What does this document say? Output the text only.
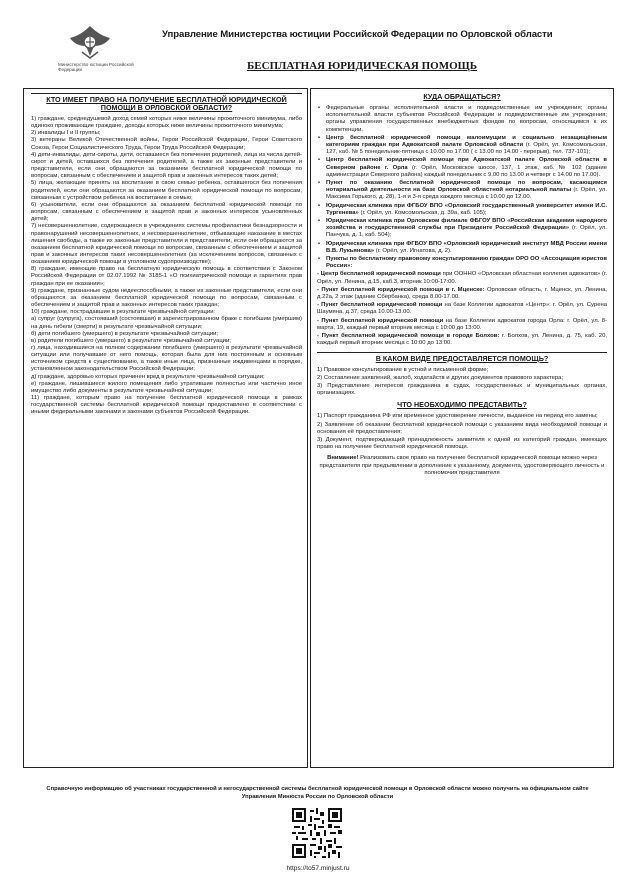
Министерство юстиции Российской Федерации
Управление Министерства юстиции Российской Федерации по Орловской области
БЕСПЛАТНАЯ ЮРИДИЧЕСКАЯ ПОМОЩЬ
КТО ИМЕЕТ ПРАВО НА ПОЛУЧЕНИЕ БЕСПЛАТНОЙ ЮРИДИЧЕСКОЙ ПОМОЩИ В ОРЛОВСКОЙ ОБЛАСТИ?

1) граждане, среднедушевой доход семей которых ниже величины прожиточного минимума, либо одиноко проживающие граждане, доходы которых ниже величины прожиточного минимума;

2) инвалиды I и II группы;

3) ветераны Великой Отечественной войны, Герои Российской Федерации, Герои Советского Союза, Герои Социалистического Труда, Герои Труда Российской Федерации;

4) дети-инвалиды, дети-сироты, дети, оставшиеся без попечения родителей, лица из числа детей-сирот и детей, оставшихся без попечения родителей, а также их законные представители и представители, если они обращаются за оказанием бесплатной юридической помощи по вопросам, связанным с обеспечением и защитой прав и законных интересов таких детей;

5) лица, желающие принять на воспитание в свою семью ребенка, оставшегося без попечения родителей, если они обращаются за оказанием бесплатной юридической помощи по вопросам, связанным с устройством ребенка на воспитание в семью;

6) усыновители, если они обращаются за оказанием бесплатной юридической помощи по вопросам, связанным с обеспечением и защитой прав и законных интересов усыновленных детей;

7) несовершеннолетние, содержащиеся в учреждениях системы профилактики безнадзорности и правонарушений несовершеннолетних, и несовершеннолетние, отбывающие наказание в местах лишения свободы, а также их законные представители и представители, если они обращаются за оказанием бесплатной юридической помощи по вопросам, связанным с обеспечением и защитой прав и законных интересов таких несовершеннолетних (за исключением вопросов, связанных с оказанием юридической помощи в уголовном судопроизводстве);

8) граждане, имеющие право на бесплатную юридическую помощь в соответствии с Законом Российской Федерации от 02.07.1992 № 3185-1 «О психиатрической помощи и гарантиях прав граждан при ее оказании»;

9) граждане, признанные судом недееспособными, а также их законные представители, если они обращаются за оказанием бесплатной юридической помощи по вопросам, связанным с обеспечением и защитой прав и законных интересов таких граждан;

10) граждане, пострадавшие в результате чрезвычайной ситуации:

а) супруг (супруга), состоявший (состоявшая) в зарегистрированном браке с погибшим (умершим) на день гибели (смерти) в результате чрезвычайной ситуации;

б) дети погибшего (умершего) в результате чрезвычайной ситуации;

в) родители погибшего (умершего) в результате чрезвычайной ситуации;

г) лица, находившиеся на полном содержании погибшего (умершего) в результате чрезвычайной ситуации или получавшие от него помощь, которая была для них постоянным и основным источником средств к существованию, а также иные лица, признанные иждивенцами в порядке, установленном законодательством Российской Федерации;

д) граждане, здоровью которых причинен вред в результате чрезвычайной ситуации;

е) граждане, лишившиеся жилого помещения либо утратившие полностью или частично иное имущество либо документы в результате чрезвычайной ситуации;

11) граждане, которым право на получение бесплатной юридической помощи в рамках государственной системы бесплатной юридической помощи предоставлено в соответствии с иными федеральными законами и законами субъектов Российской Федерации.

КУДА ОБРАЩАТЬСЯ?

• Федеральные органы исполнительной власти и подведомственные им учреждения; органы исполнительной власти субъектов Российской Федерации и подведомственные им учреждения; органы управления государственных внебюджетных фондов по вопросам, относящимся к их компетенции.

• Центр бесплатной юридической помощи малоимущим и социально незащищённым категориям граждан при Адвокатской палате Орловской области (г. Орёл, ул. Комсомольская, 127, каб. № 5 понедельник-пятница с 10.00 по 17.00 ( с 13.00 по 14.00 - перерыв), тел. 737-101);

• Центр бесплатной юридической помощи при Адвокатской палате Орловской области в Северном районе г. Орла (г. Орёл, Московское шоссе, 137, 1 этаж, каб. № 102 (здание администрации Северного района) каждый понедельник с 9.00 по 13.00 и четверг с 14.00 по 17.00).

• Пункт по оказанию бесплатной юридической помощи по вопросам, касающимся нотариальной деятельности на базе Орловской областной нотариальной палаты (г. Орёл, ул. Максима Горького, д. 28), 1-я и 3-я среда каждого месяца с 10.00 до 12.00.

• Юридическая клиника при ФГБОУ ВПО «Орловский государственный университет имени И.С. Тургенева» (г. Орёл, ул. Комсомольская, д. 39а, каб. 105);

• Юридическая клиника при Орловском филиале ФБГОУ ВПО «Российская академия народного хозяйства и государственной службы при Президенте Российской Федерации» (г. Орёл, ул. Панчука, д. 1, каб. 504);

• Юридическая клиника при ФГБОУ ВПО «Орловский юридический институт МВД России имени В.В. Лукьянова» (г. Орёл, ул. Игнатова, д. 2).

• Пункты по бесплатному правовому консультированию граждан ОРО ОО «Ассоциация юристов России»:

- Центр бесплатной юридической помощи при ООННО «Орловская областная коллегия адвокатов» (г. Орёл, ул. Ленина, д.15, каб.3, вторник 10:00-17:00.

- Пункт бесплатной юридической помощи в г. Мценске: Орловская область, г. Мценск, ул. Ленина, д.22а, 2 этаж (здание Сбербанка), среда 8.00-17.00.

- Пункт бесплатной юридической помощи на базе Коллегии адвокатов «Центр»: г. Орёл, ул. Сурена Шаумяна, д.37, среда 10.00-13.00.

- Пункт бесплатной юридической помощи на базе Коллегии адвокатов города Орла: г. Орёл, ул. 8-марта, 19, каждый первый вторник месяца с 10:00 до 13:00.

- Пункт бесплатной юридической помощи в городе Болхов: г. Болхов, ул. Ленина, д. 75, каб. 20, каждый первый вторник месяца с 10:00 до 13:00.

В КАКОМ ВИДЕ ПРЕДОСТАВЛЯЕТСЯ ПОМОЩЬ?

1) Правовое консультирование в устной и письменной форме;

2) Составление заявлений, жалоб, ходатайств и других документов правового характера;

3) Представление интересов гражданина в судах, государственных и муниципальных органах, организациях.

ЧТО НЕОБХОДИМО ПРЕДСТАВИТЬ?

1) Паспорт гражданина РФ или временное удостоверение личности, выданное на период его замены;

2) Заявление об оказании бесплатной юридической помощи с указанием вида необходимой помощи и основания её предоставления;

3) Документ, подтверждающий принадлежность заявителя к одной из категорий граждан, имеющих право на получение бесплатной юридической помощи.

Внимание! Реализовать свое право на получение бесплатной юридической помощи можно через представителя при предъявлении в дополнение к указанному, документа, удостоверяющего личность и полномочия представителя
Справочную информацию об участниках государственной и негосударственной системы бесплатной юридической помощи в Орловской области можно получить на официальном сайте Управления Минюста России по Орловской области
https://to57.minjust.ru
